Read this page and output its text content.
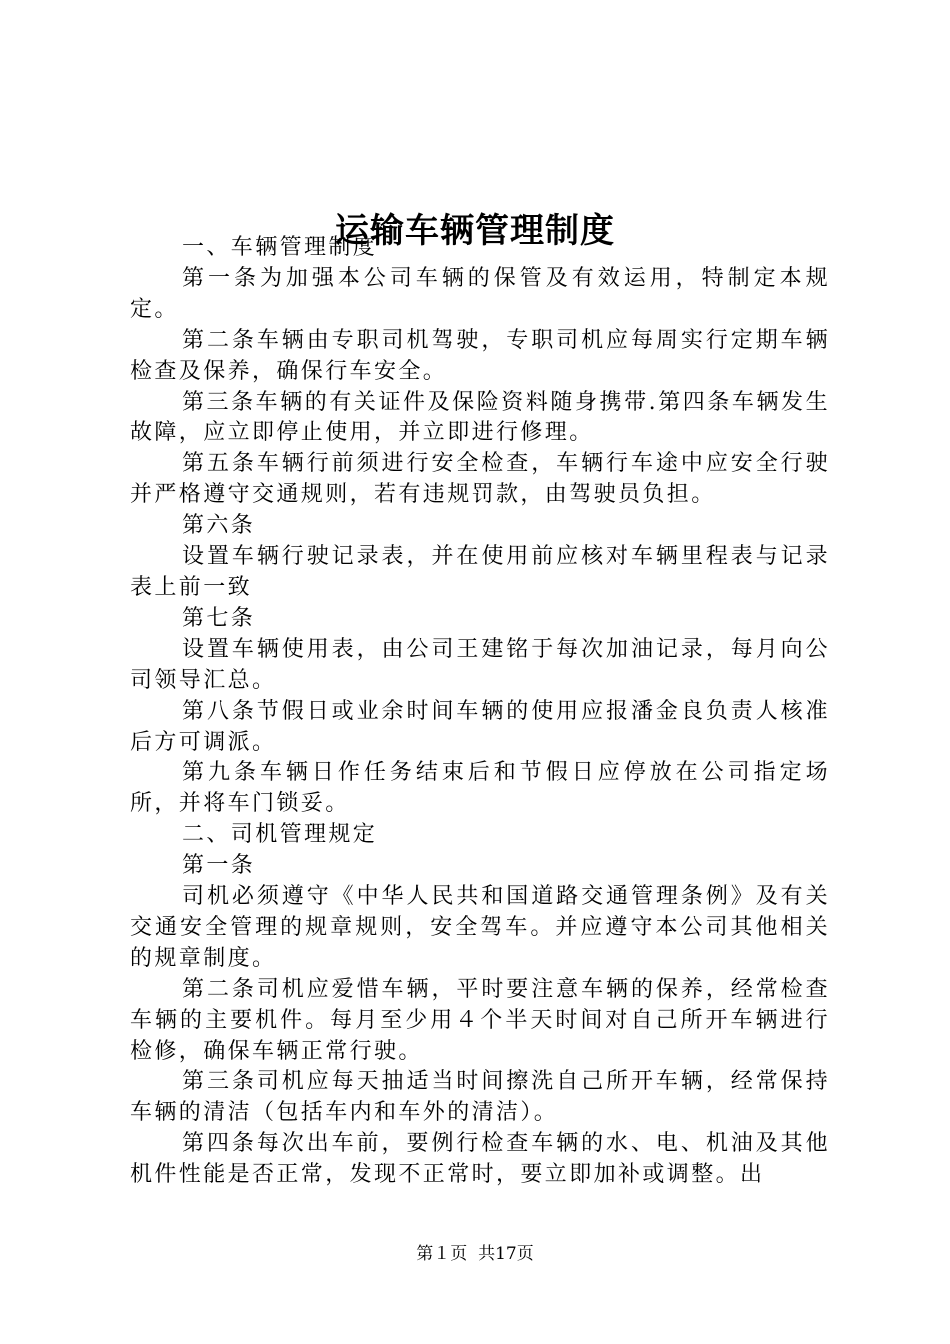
运输车辆管理制度

一、车辆管理制度

第一条为加强本公司车辆的保管及有效运用，特制定本规定。

第二条车辆由专职司机驾驶，专职司机应每周实行定期车辆检查及保养，确保行车安全。

第三条车辆的有关证件及保险资料随身携带.第四条车辆发生故障，应立即停止使用，并立即进行修理。

第五条车辆行前须进行安全检查，车辆行车途中应安全行驶并严格遵守交通规则，若有违规罚款，由驾驶员负担。

第六条

设置车辆行驶记录表，并在使用前应核对车辆里程表与记录表上前一致

第七条

设置车辆使用表，由公司王建铭于每次加油记录，每月向公司领导汇总。

第八条节假日或业余时间车辆的使用应报潘金良负责人核准后方可调派。

第九条车辆日作任务结束后和节假日应停放在公司指定场所，并将车门锁妥。

二、司机管理规定

第一条

司机必须遵守《中华人民共和国道路交通管理条例》及有关交通安全管理的规章规则，安全驾车。并应遵守本公司其他相关的规章制度。

第二条司机应爱惜车辆，平时要注意车辆的保养，经常检查车辆的主要机件。每月至少用４个半天时间对自己所开车辆进行检修，确保车辆正常行驶。

第三条司机应每天抽适当时间擦洗自己所开车辆，经常保持车辆的清洁（包括车内和车外的清洁）。

第四条每次出车前，要例行检查车辆的水、电、机油及其他机件性能是否正常，发现不正常时，要立即加补或调整。出

第１页 共17页
